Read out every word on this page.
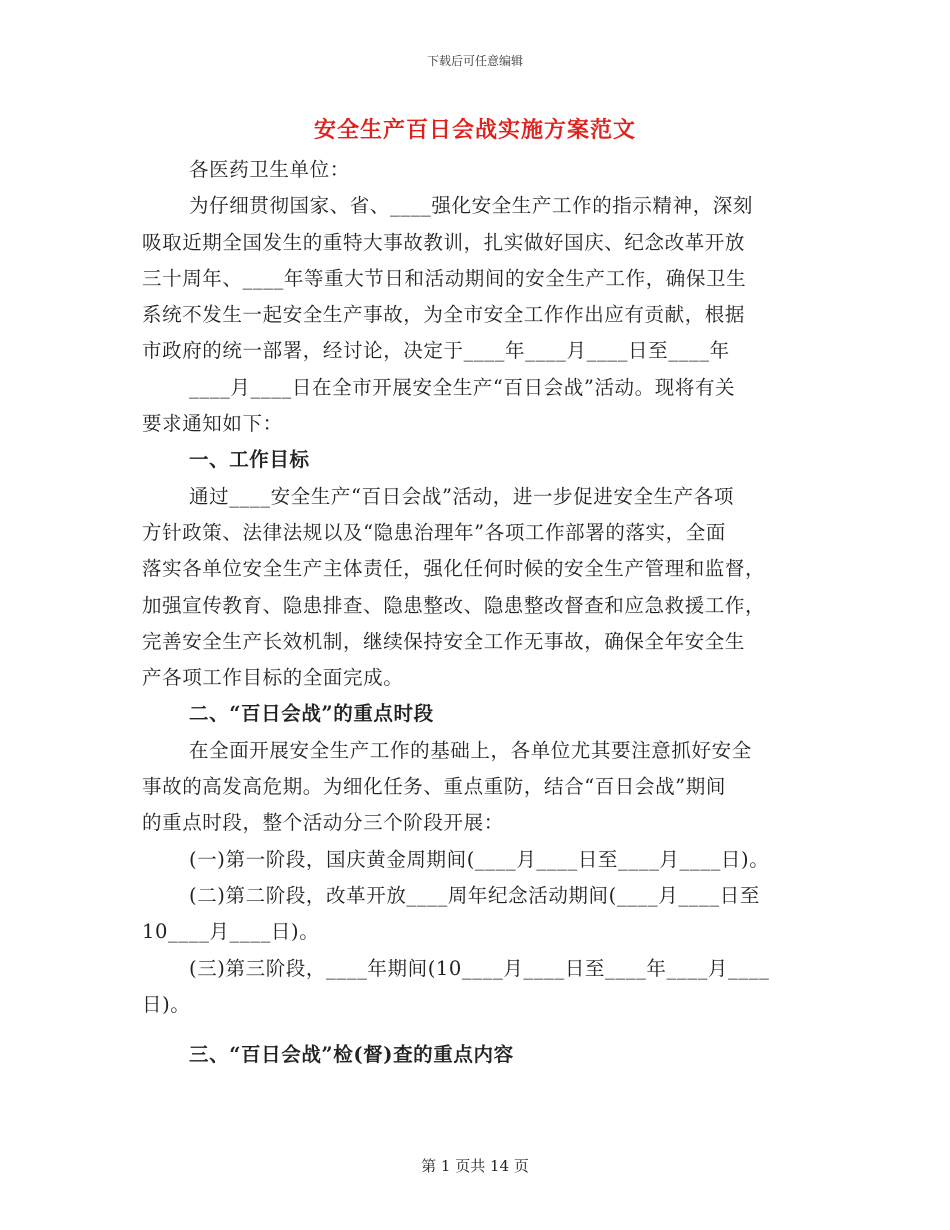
下载后可任意编辑
安全生产百日会战实施方案范文
各医药卫生单位：
为仔细贯彻国家、省、____强化安全生产工作的指示精神，深刻
吸取近期全国发生的重特大事故教训，扎实做好国庆、纪念改革开放
三十周年、____年等重大节日和活动期间的安全生产工作，确保卫生
系统不发生一起安全生产事故，为全市安全工作作出应有贡献，根据
市政府的统一部署，经讨论，决定于____年____月____日至____年
____月____日在全市开展安全生产“百日会战”活动。现将有关
要求通知如下：
一、工作目标
通过____安全生产“百日会战”活动，进一步促进安全生产各项
方针政策、法律法规以及“隐患治理年”各项工作部署的落实，全面
落实各单位安全生产主体责任，强化任何时候的安全生产管理和监督，
加强宣传教育、隐患排查、隐患整改、隐患整改督查和应急救援工作，
完善安全生产长效机制，继续保持安全工作无事故，确保全年安全生
产各项工作目标的全面完成。
二、“百日会战”的重点时段
在全面开展安全生产工作的基础上，各单位尤其要注意抓好安全
事故的高发高危期。为细化任务、重点重防，结合“百日会战”期间
的重点时段，整个活动分三个阶段开展：
(一)第一阶段，国庆黄金周期间(____月____日至____月____日)。
(二)第二阶段，改革开放____周年纪念活动期间(____月____日至
10____月____日)。
(三)第三阶段，____年期间(10____月____日至____年____月____
日)。
三、“百日会战”检(督)查的重点内容
第 1 页共 14 页
